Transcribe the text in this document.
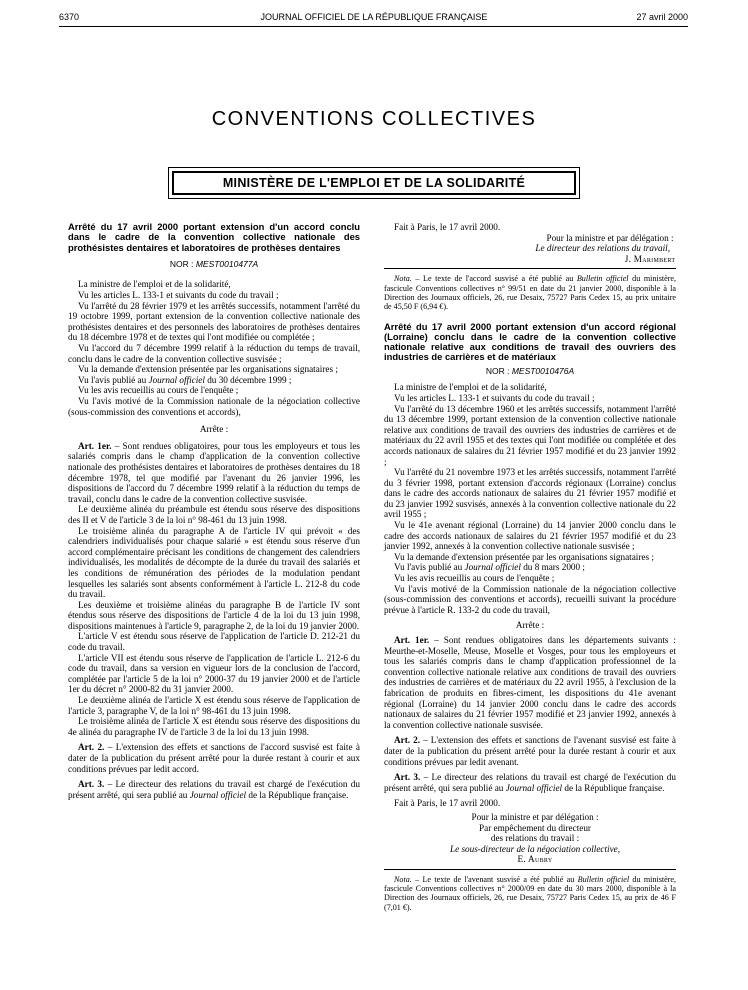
6370	JOURNAL OFFICIEL DE LA RÉPUBLIQUE FRANÇAISE	27 avril 2000
CONVENTIONS COLLECTIVES
MINISTÈRE DE L'EMPLOI ET DE LA SOLIDARITÉ
Arrêté du 17 avril 2000 portant extension d'un accord conclu dans le cadre de la convention collective nationale des prothésistes dentaires et laboratoires de prothèses dentaires
NOR : MEST0010477A

La ministre de l'emploi et de la solidarité,

Vu les articles L. 133-1 et suivants du code du travail ;

Vu l'arrêté du 28 février 1979 et les arrêtés successifs, notamment l'arrêté du 19 octobre 1999, portant extension de la convention collective nationale des prothésistes dentaires et des personnels des laboratoires de prothèses dentaires du 18 décembre 1978 et de textes qui l'ont modifiée ou complétée ;

Vu l'accord du 7 décembre 1999 relatif à la réduction du temps de travail, conclu dans le cadre de la convention collective susvisée ;

Vu la demande d'extension présentée par les organisations signataires ;

Vu l'avis publié au Journal officiel du 30 décembre 1999 ;

Vu les avis recueillis au cours de l'enquête ;

Vu l'avis motivé de la Commission nationale de la négociation collective (sous-commission des conventions et accords),

Arrête :

Art. 1er. – Sont rendues obligatoires, pour tous les employeurs et tous les salariés compris dans le champ d'application de la convention collective nationale des prothésistes dentaires et laboratoires de prothèses dentaires du 18 décembre 1978, tel que modifié par l'avenant du 26 janvier 1996, les dispositions de l'accord du 7 décembre 1999 relatif à la réduction du temps de travail, conclu dans le cadre de la convention collective susvisée.

Le deuxième alinéa du préambule est étendu sous réserve des dispositions des II et V de l'article 3 de la loi n° 98-461 du 13 juin 1998.

Le troisième alinéa du paragraphe A de l'article IV qui prévoit « des calendriers individualisés pour chaque salarié » est étendu sous réserve d'un accord complémentaire précisant les conditions de changement des calendriers individualisés, les modalités de décompte de la durée du travail des salariés et les conditions de rémunération des périodes de la modulation pendant lesquelles les salariés sont absents conformément à l'article L. 212-8 du code du travail.

Les deuxième et troisième alinéas du paragraphe B de l'article IV sont étendus sous réserve des dispositions de l'article 4 de la loi du 13 juin 1998, dispositions maintenues à l'article 9, paragraphe 2, de la loi du 19 janvier 2000.

L'article V est étendu sous réserve de l'application de l'article D. 212-21 du code du travail.

L'article VII est étendu sous réserve de l'application de l'article L. 212-6 du code du travail, dans sa version en vigueur lors de la conclusion de l'accord, complétée par l'article 5 de la loi n° 2000-37 du 19 janvier 2000 et de l'article 1er du décret n° 2000-82 du 31 janvier 2000.

Le deuxième alinéa de l'article X est étendu sous réserve de l'application de l'article 3, paragraphe V, de la loi n° 98-461 du 13 juin 1998.

Le troisième alinéa de l'article X est étendu sous réserve des dispositions du 4e alinéa du paragraphe IV de l'article 3 de la loi du 13 juin 1998.

Art. 2. – L'extension des effets et sanctions de l'accord susvisé est faite à dater de la publication du présent arrêté pour la durée restant à courir et aux conditions prévues par ledit accord.

Art. 3. – Le directeur des relations du travail est chargé de l'exécution du présent arrêté, qui sera publié au Journal officiel de la République française.

Fait à Paris, le 17 avril 2000.

Pour la ministre et par délégation :

Le directeur des relations du travail,

J. Marimbert

Nota. – Le texte de l'accord susvisé a été publié au Bulletin officiel du ministère, fascicule Conventions collectives n° 99/51 en date du 21 janvier 2000, disponible à la Direction des Journaux officiels, 26, rue Desaix, 75727 Paris Cedex 15, au prix unitaire de 45,50 F (6,94 €).

Arrêté du 17 avril 2000 portant extension d'un accord régional (Lorraine) conclu dans le cadre de la convention collective nationale relative aux conditions de travail des ouvriers des industries de carrières et de matériaux
NOR : MEST0010476A

La ministre de l'emploi et de la solidarité,

Vu les articles L. 133-1 et suivants du code du travail ;

Vu l'arrêté du 13 décembre 1960 et les arrêtés successifs, notamment l'arrêté du 13 décembre 1999, portant extension de la convention collective nationale relative aux conditions de travail des ouvriers des industries de carrières et de matériaux du 22 avril 1955 et des textes qui l'ont modifiée ou complétée et des accords nationaux de salaires du 21 février 1957 modifié et du 23 janvier 1992 ;

Vu l'arrêté du 21 novembre 1973 et les arrêtés successifs, notamment l'arrêté du 3 février 1998, portant extension d'accords régionaux (Lorraine) conclus dans le cadre des accords nationaux de salaires du 21 février 1957 modifié et du 23 janvier 1992 susvisés, annexés à la convention collective nationale du 22 avril 1955 ;

Vu le 41e avenant régional (Lorraine) du 14 janvier 2000 conclu dans le cadre des accords nationaux de salaires du 21 février 1957 modifié et du 23 janvier 1992, annexés à la convention collective nationale susvisée ;

Vu la demande d'extension présentée par les organisations signataires ;

Vu l'avis publié au Journal officiel du 8 mars 2000 ;

Vu les avis recueillis au cours de l'enquête ;

Vu l'avis motivé de la Commission nationale de la négociation collective (sous-commission des conventions et accords), recueilli suivant la procédure prévue à l'article R. 133-2 du code du travail,

Arrête :

Art. 1er. – Sont rendues obligatoires dans les départements suivants : Meurthe-et-Moselle, Meuse, Moselle et Vosges, pour tous les employeurs et tous les salariés compris dans le champ d'application professionnel de la convention collective nationale relative aux conditions de travail des ouvriers des industries de carrières et de matériaux du 22 avril 1955, à l'exclusion de la fabrication de produits en fibres-ciment, les dispositions du 41e avenant régional (Lorraine) du 14 janvier 2000 conclu dans le cadre des accords nationaux de salaires du 21 février 1957 modifié et 23 janvier 1992, annexés à la convention collective nationale susvisée.

Art. 2. – L'extension des effets et sanctions de l'avenant susvisé est faite à dater de la publication du présent arrêté pour la durée restant à courir et aux conditions prévues par ledit avenant.

Art. 3. – Le directeur des relations du travail est chargé de l'exécution du présent arrêté, qui sera publié au Journal officiel de la République française.

Fait à Paris, le 17 avril 2000.

Pour la ministre et par délégation :

Par empêchement du directeur

des relations du travail :

Le sous-directeur de la négociation collective,

E. Aubry

Nota. – Le texte de l'avenant susvisé a été publié au Bulletin officiel du ministère, fascicule Conventions collectives n° 2000/09 en date du 30 mars 2000, disponible à la Direction des Journaux officiels, 26, rue Desaix, 75727 Paris Cedex 15, au prix de 46 F (7,01 €).
